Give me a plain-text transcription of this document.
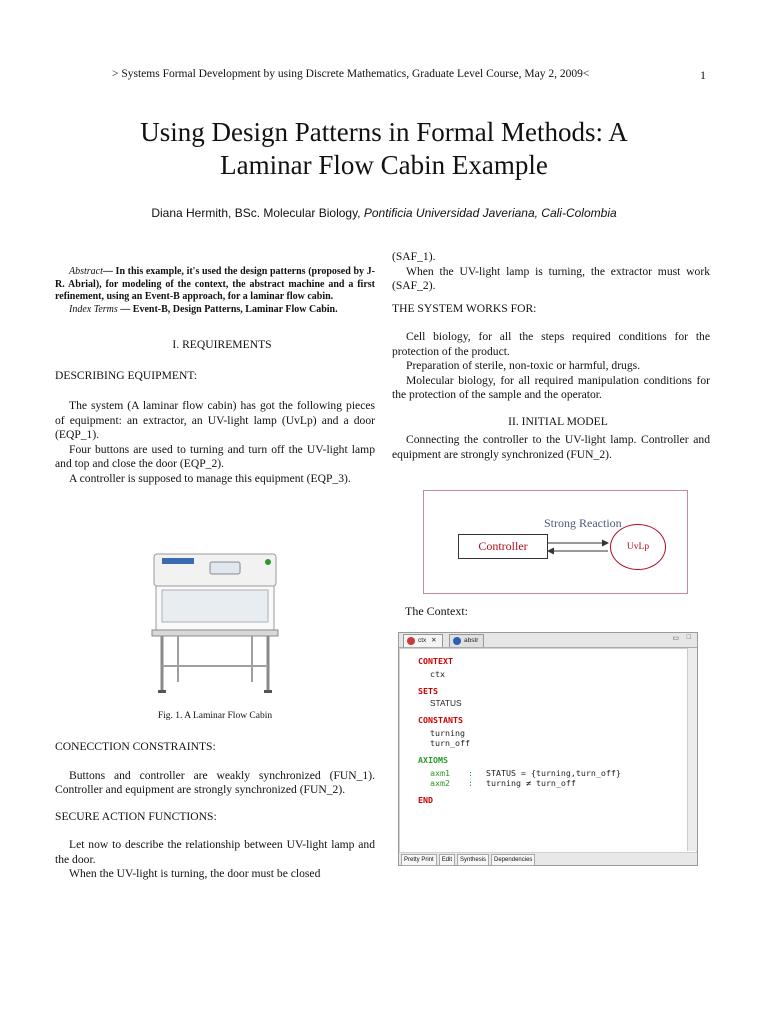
> Systems Formal Development by using Discrete Mathematics, Graduate Level Course, May 2, 2009<	1
Using Design Patterns in Formal Methods: A
Laminar Flow Cabin Example
Diana Hermith, BSc. Molecular Biology, Pontificia Universidad Javeriana, Cali-Colombia

Abstract— In this example, it's used the design patterns (proposed by J-R. Abrial), for modeling of the context, the abstract machine and a first refinement, using an Event-B approach, for a laminar flow cabin.

Index Terms — Event-B, Design Patterns, Laminar Flow Cabin.

I. REQUIREMENTS

DESCRIBING EQUIPMENT:

The system (A laminar flow cabin) has got the following pieces of equipment: an extractor, an UV-light lamp (UvLp) and a door (EQP_1).

Four buttons are used to turning and turn off the UV-light lamp and top and close the door (EQP_2).

A controller is supposed to manage this equipment (EQP_3).

Fig. 1. A Laminar Flow Cabin

CONECCTION CONSTRAINTS:

Buttons and controller are weakly synchronized (FUN_1). Controller and equipment are strongly synchronized (FUN_2).

SECURE ACTION FUNCTIONS:

Let now to describe the relationship between UV-light lamp and the door.

When the UV-light is turning, the door must be closed

(SAF_1).

When the UV-light lamp is turning, the extractor must work (SAF_2).

THE SYSTEM WORKS FOR:

Cell biology, for all the steps required conditions for the protection of the product.

Preparation of sterile, non-toxic or harmful, drugs.

Molecular biology, for all required manipulation conditions for the protection of the sample and the operator.

II. INITIAL MODEL

Connecting the controller to the UV-light lamp. Controller and equipment are strongly synchronized (FUN_2).

Strong Reaction
Controller	UvLp
The Context:
ctx ✕	abstr	▭ □
CONTEXT
ctx
SETS
STATUS
CONSTANTS
turning
turn_off
AXIOMS
axm1 : STATUS = {turning,turn_off}
axm2 : turning ≠ turn_off
END
Pretty Print Edit Synthesis Dependencies
